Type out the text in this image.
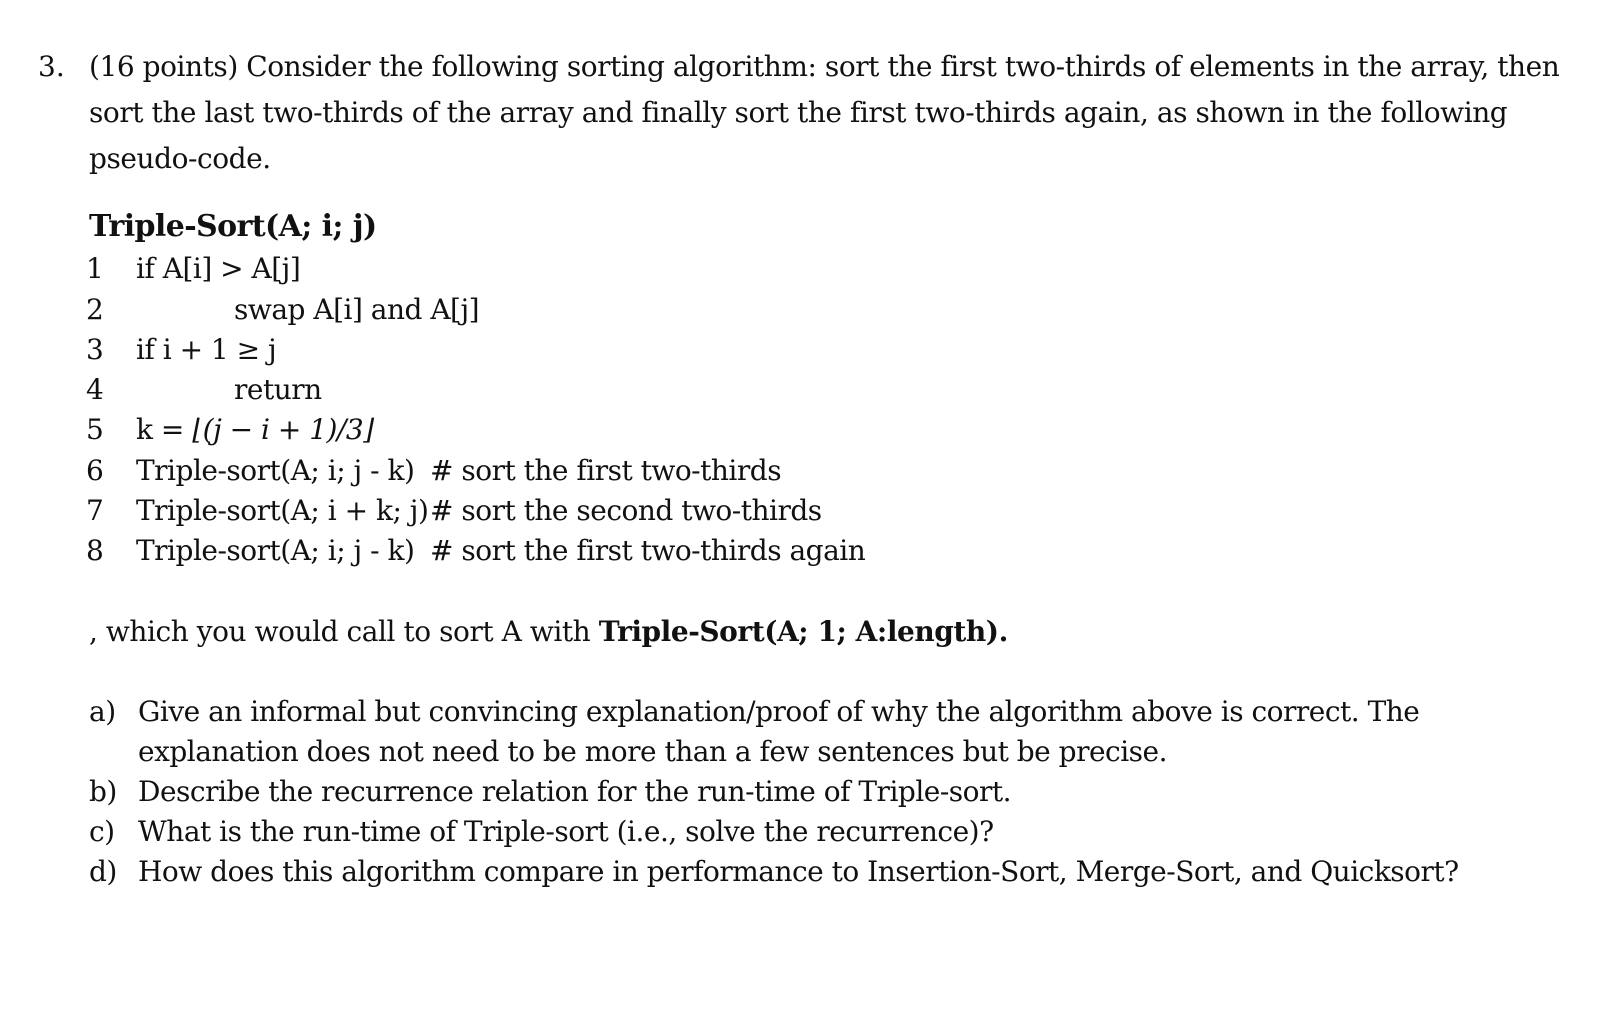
3. (16 points) Consider the following sorting algorithm: sort the first two-thirds of elements in the array, then
sort the last two-thirds of the array and finally sort the first two-thirds again, as shown in the following
pseudo-code.
Triple-Sort(A; i; j)
1	if A[i] > A[j]
2	swap A[i] and A[j]
3	if i + 1 ≥ j
4	return
5	k = ⌊(j − i + 1)/3⌋
6	Triple-sort(A; i; j - k) # sort the first two-thirds
7	Triple-sort(A; i + k; j) # sort the second two-thirds
8	Triple-sort(A; i; j - k) # sort the first two-thirds again
, which you would call to sort A with Triple-Sort(A; 1; A:length).
a) Give an informal but convincing explanation/proof of why the algorithm above is correct. The
explanation does not need to be more than a few sentences but be precise.
b) Describe the recurrence relation for the run-time of Triple-sort.
c) What is the run-time of Triple-sort (i.e., solve the recurrence)?
d) How does this algorithm compare in performance to Insertion-Sort, Merge-Sort, and Quicksort?
